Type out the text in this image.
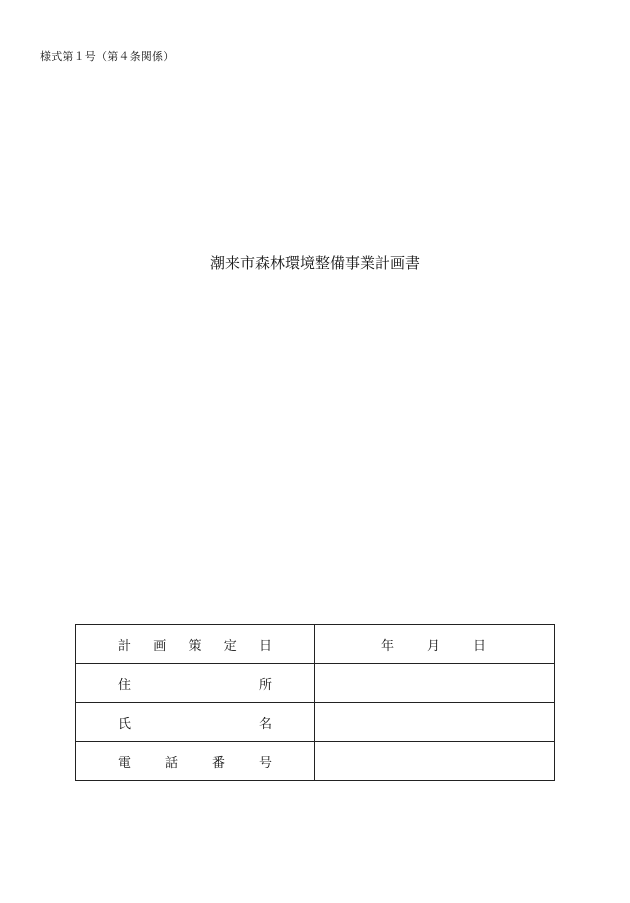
様式第１号（第４条関係）
潮来市森林環境整備事業計画書
計 画 策 定 日	年 月 日

住 所	

氏 名	

電 話 番 号	
